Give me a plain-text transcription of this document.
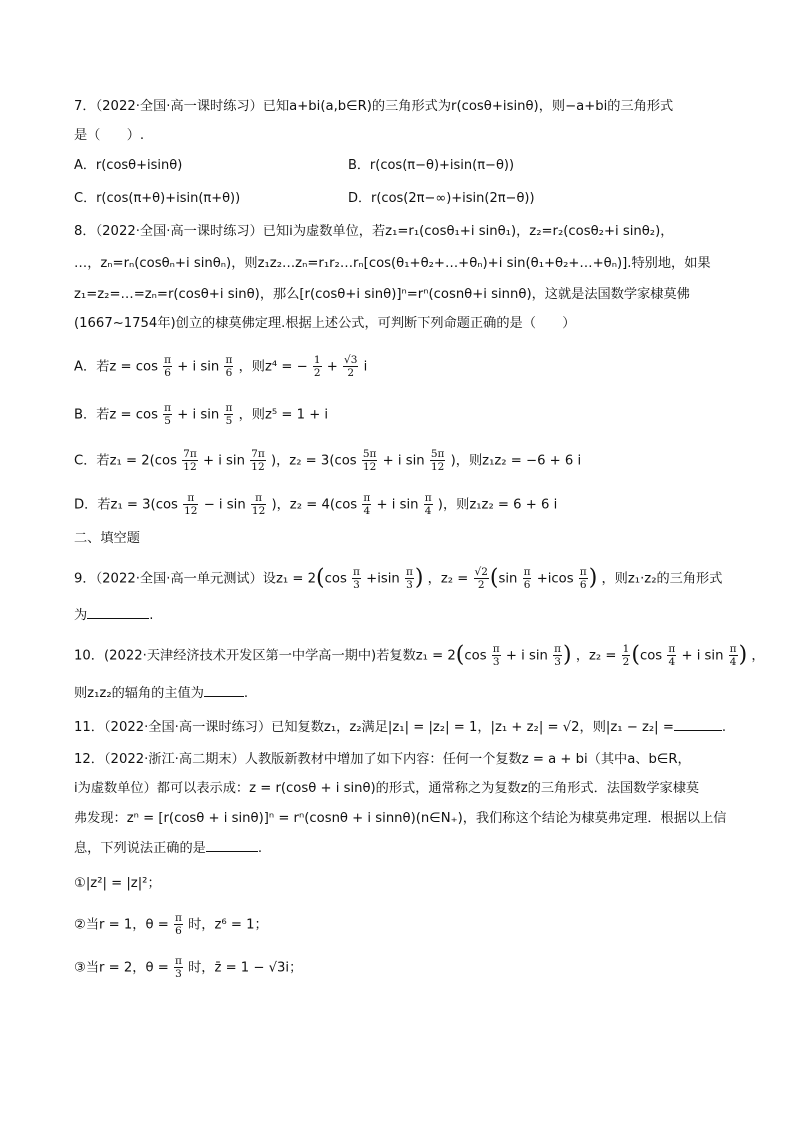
7．（2022·全国·高一课时练习）已知a+bi(a,b∈R)的三角形式为r(cosθ+isinθ)，则−a+bi的三角形式
是（　　）.
A．r(cosθ+isinθ)	B．r(cos(π−θ)+isin(π−θ))
C．r(cos(π+θ)+isin(π+θ))	D．r(cos(2π−∞)+isin(2π−θ))
8．（2022·全国·高一课时练习）已知i为虚数单位，若z₁=r₁(cosθ₁+i sinθ₁)，z₂=r₂(cosθ₂+i sinθ₂)，
…，zₙ=rₙ(cosθₙ+i sinθₙ)，则z₁z₂…zₙ=r₁r₂…rₙ[cos(θ₁+θ₂+…+θₙ)+i sin(θ₁+θ₂+…+θₙ)].特别地，如果
z₁=z₂=…=zₙ=r(cosθ+i sinθ)，那么[r(cosθ+i sinθ)]ⁿ=rⁿ(cosnθ+i sinnθ)，这就是法国数学家棣莫佛
(1667~1754年)创立的棣莫佛定理.根据上述公式，可判断下列命题正确的是（　　）
A．若$z = \cos \frac{\pi}{6} + i$ $\sin \frac{\pi}{6}$ ，则z⁴ = − $\frac{1}{2} + \frac{√3}{2}$ i
B．若$z = \cos \frac{\pi}{5} + i$ $\sin \frac{\pi}{5}$ ，则z⁵ = 1 + i
C．若$z_1 = 2(\cos \frac{7\pi}{12} + i$ $\sin \frac{7\pi}{12}$ )，$z_2 = 3(\cos \frac{5\pi}{12} + i$ $\sin \frac{5\pi}{12}$ )，则z₁z₂ = −6 + 6 i
D．若$z_1 = 3(\cos \frac{\pi}{12} - i$ $\sin \frac{\pi}{12}$ )，$z_2 = 4(\cos \frac{\pi}{4} + i$ $\sin \frac{\pi}{4}$ )，则z₁z₂ = 6 + 6 i
二、填空题
9．（2022·全国·高一单元测试）设$z_1 = 2(\cos \frac{\pi}{3} +isin \frac{\pi}{3}$ ) ，$z_2 = \frac{√2}{2} (\sin \frac{\pi}{6} +icos \frac{\pi}{6}$ ) ，则z₁·z₂的三角形式
为	.
10．(2022·天津经济技术开发区第一中学高一期中)若复数$z_1 = 2(\cos \frac{\pi}{3} + i$ $\sin \frac{\pi}{3}$ ) ，$z_2 = \frac{1}{2} (\cos \frac{\pi}{4} + i$ $\sin \frac{\pi}{4}$ ) ，
则z₁z₂的辐角的主值为	.
11．（2022·全国·高一课时练习）已知复数z₁，z₂满足|z₁| = |z₂| = 1，|z₁ + z₂| = √2，则|z₁ − z₂| =	.
12．（2022·浙江·高二期末）人教版新教材中增加了如下内容：任何一个复数z = a + bi（其中a、b∈R，
i为虚数单位）都可以表示成：z = r(cosθ + i sinθ)的形式，通常称之为复数z的三角形式．法国数学家棣莫
弗发现：zⁿ = [r(cosθ + i sinθ)]ⁿ = rⁿ(cosnθ + i sinnθ)(n∈N₊)，我们称这个结论为棣莫弗定理．根据以上信
息，下列说法正确的是	.
①|z²| = |z|²；
②当r = 1，$\theta = \frac{\pi}{6}$ 时，z⁶ = 1；
③当r = 2，$\theta = \frac{\pi}{3}$ 时，z̄ = 1 − √3i；
